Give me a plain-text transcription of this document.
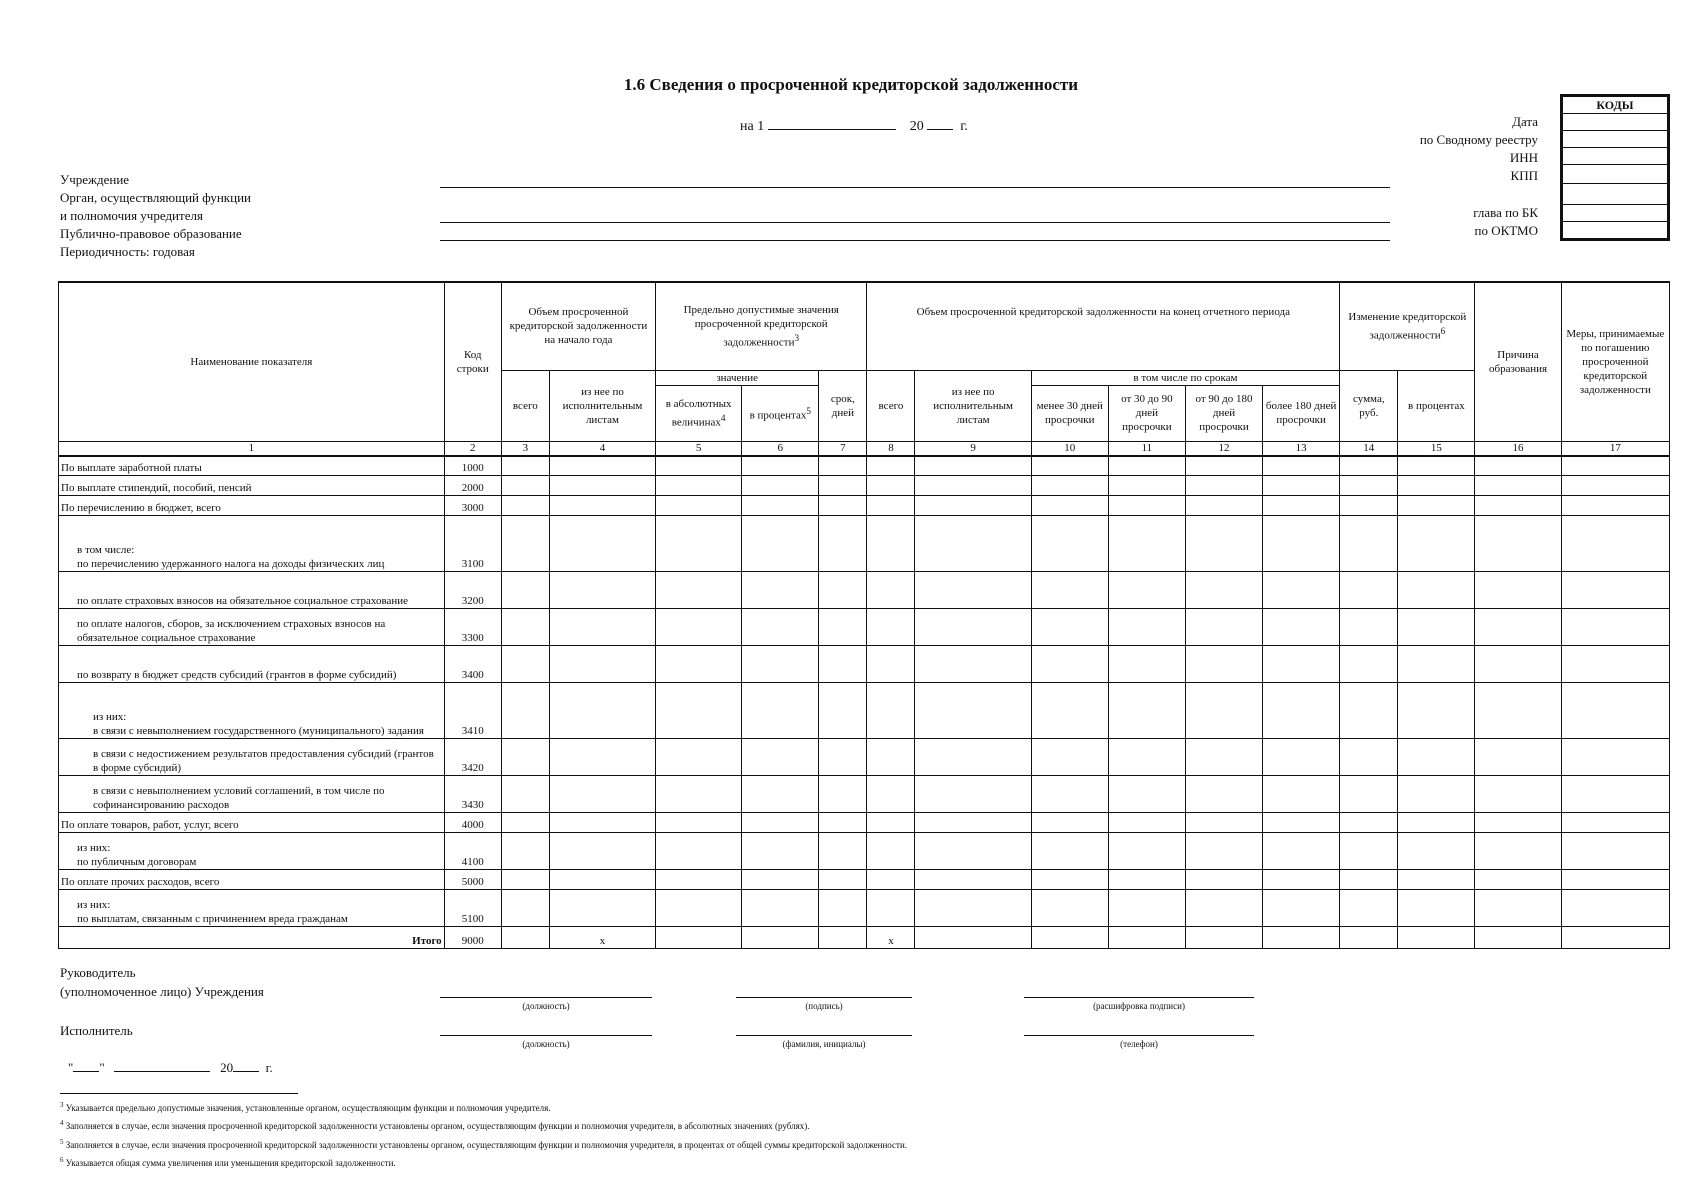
1.6 Сведения о просроченной кредиторской задолженности
на 1	20	г.
Учреждение
Орган, осуществляющий функции
и полномочия учредителя
Публично-правовое образование
Периодичность: годовая
Дата
по Сводному реестру
ИНН
КПП
глава по БК
по ОКТМО
КОДЫ

Наименование показателя	Код строки	Объем просроченной кредиторской задолженности на начало года		Предельно допустимые значения просроченной кредиторской задолженности$^3$			Объем просроченной кредиторской задолженности на конец отчетного периода						Изменение кредиторской задолженности$^6$		Причина образования	Меры, принимаемые по погашению просроченной кредиторской задолженности
		всего	из нее по исполнительным листам	значение		срок, дней	всего	из нее по исполнительным листам	в том числе по срокам				сумма, руб.	в процентах		
				в абсолютных величинах$^4$	в процентах$^5$				менее 30 дней просрочки	от 30 до 90 дней просрочки	от 90 до 180 дней просрочки	более 180 дней просрочки				
1	2	3	4	5	6	7	8	9	10	11	12	13	14	15	16	17
По выплате заработной платы	1000															
По выплате стипендий, пособий, пенсий	2000															
По перечислению в бюджет, всего	3000															
в том числе:
по перечислению удержанного налога на доходы физических лиц	3100															
по оплате страховых взносов на обязательное социальное страхование	3200															
по оплате налогов, сборов, за исключением страховых взносов на обязательное социальное страхование	3300															
по возврату в бюджет средств субсидий (грантов в форме субсидий)	3400															
из них:
в связи с невыполнением государственного (муниципального) задания	3410															
в связи с недостижением результатов предоставления субсидий (грантов в форме субсидий)	3420															
в связи с невыполнением условий соглашений, в том числе по софинансированию расходов	3430															
По оплате товаров, работ, услуг, всего	4000															
из них:
по публичным договорам	4100															
По оплате прочих расходов, всего	5000															
из них:
по выплатам, связанным с причинением вреда гражданам	5100															
Итого	9000		x				x									
Руководитель
(уполномоченное лицо) Учреждения
(должность)	(подпись)	(расшифровка подписи)
Исполнитель
(должность)	(фамилия, инициалы)	(телефон)
" "	20	г.
$^3$ Указывается предельно допустимые значения, установленные органом, осуществляющим функции и полномочия учредителя.
$^4$ Заполняется в случае, если значения просроченной кредиторской задолженности установлены органом, осуществляющим функции и полномочия учредителя, в абсолютных значениях (рублях).
$^5$ Заполняется в случае, если значения просроченной кредиторской задолженности установлены органом, осуществляющим функции и полномочия учредителя, в процентах от общей суммы кредиторской задолженности.
$^6$ Указывается общая сумма увеличения или уменьшения кредиторской задолженности.
